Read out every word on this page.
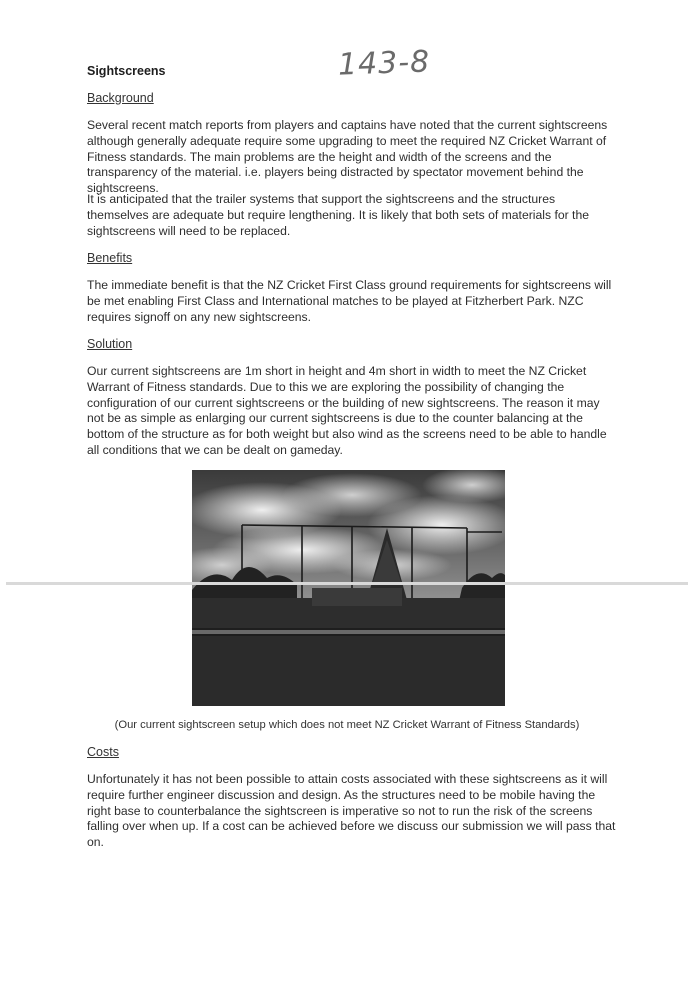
143-8
Sightscreens
Background

Several recent match reports from players and captains have noted that the current sightscreens although generally adequate require some upgrading to meet the required NZ Cricket Warrant of Fitness standards. The main problems are the height and width of the screens and the transparency of the material. i.e. players being distracted by spectator movement behind the sightscreens.

It is anticipated that the trailer systems that support the sightscreens and the structures themselves are adequate but require lengthening. It is likely that both sets of materials for the sightscreens will need to be replaced.

Benefits

The immediate benefit is that the NZ Cricket First Class ground requirements for sightscreens will be met enabling First Class and International matches to be played at Fitzherbert Park. NZC requires signoff on any new sightscreens.

Solution

Our current sightscreens are 1m short in height and 4m short in width to meet the NZ Cricket Warrant of Fitness standards. Due to this we are exploring the possibility of changing the configuration of our current sightscreens or the building of new sightscreens. The reason it may not be as simple as enlarging our current sightscreens is due to the counter balancing at the bottom of the structure as for both weight but also wind as the screens need to be able to handle all conditions that we can be dealt on gameday.

(Our current sightscreen setup which does not meet NZ Cricket Warrant of Fitness Standards)
Costs

Unfortunately it has not been possible to attain costs associated with these sightscreens as it will require further engineer discussion and design. As the structures need to be mobile having the right base to counterbalance the sightscreen is imperative so not to run the risk of the screens falling over when up. If a cost can be achieved before we discuss our submission we will pass that on.
